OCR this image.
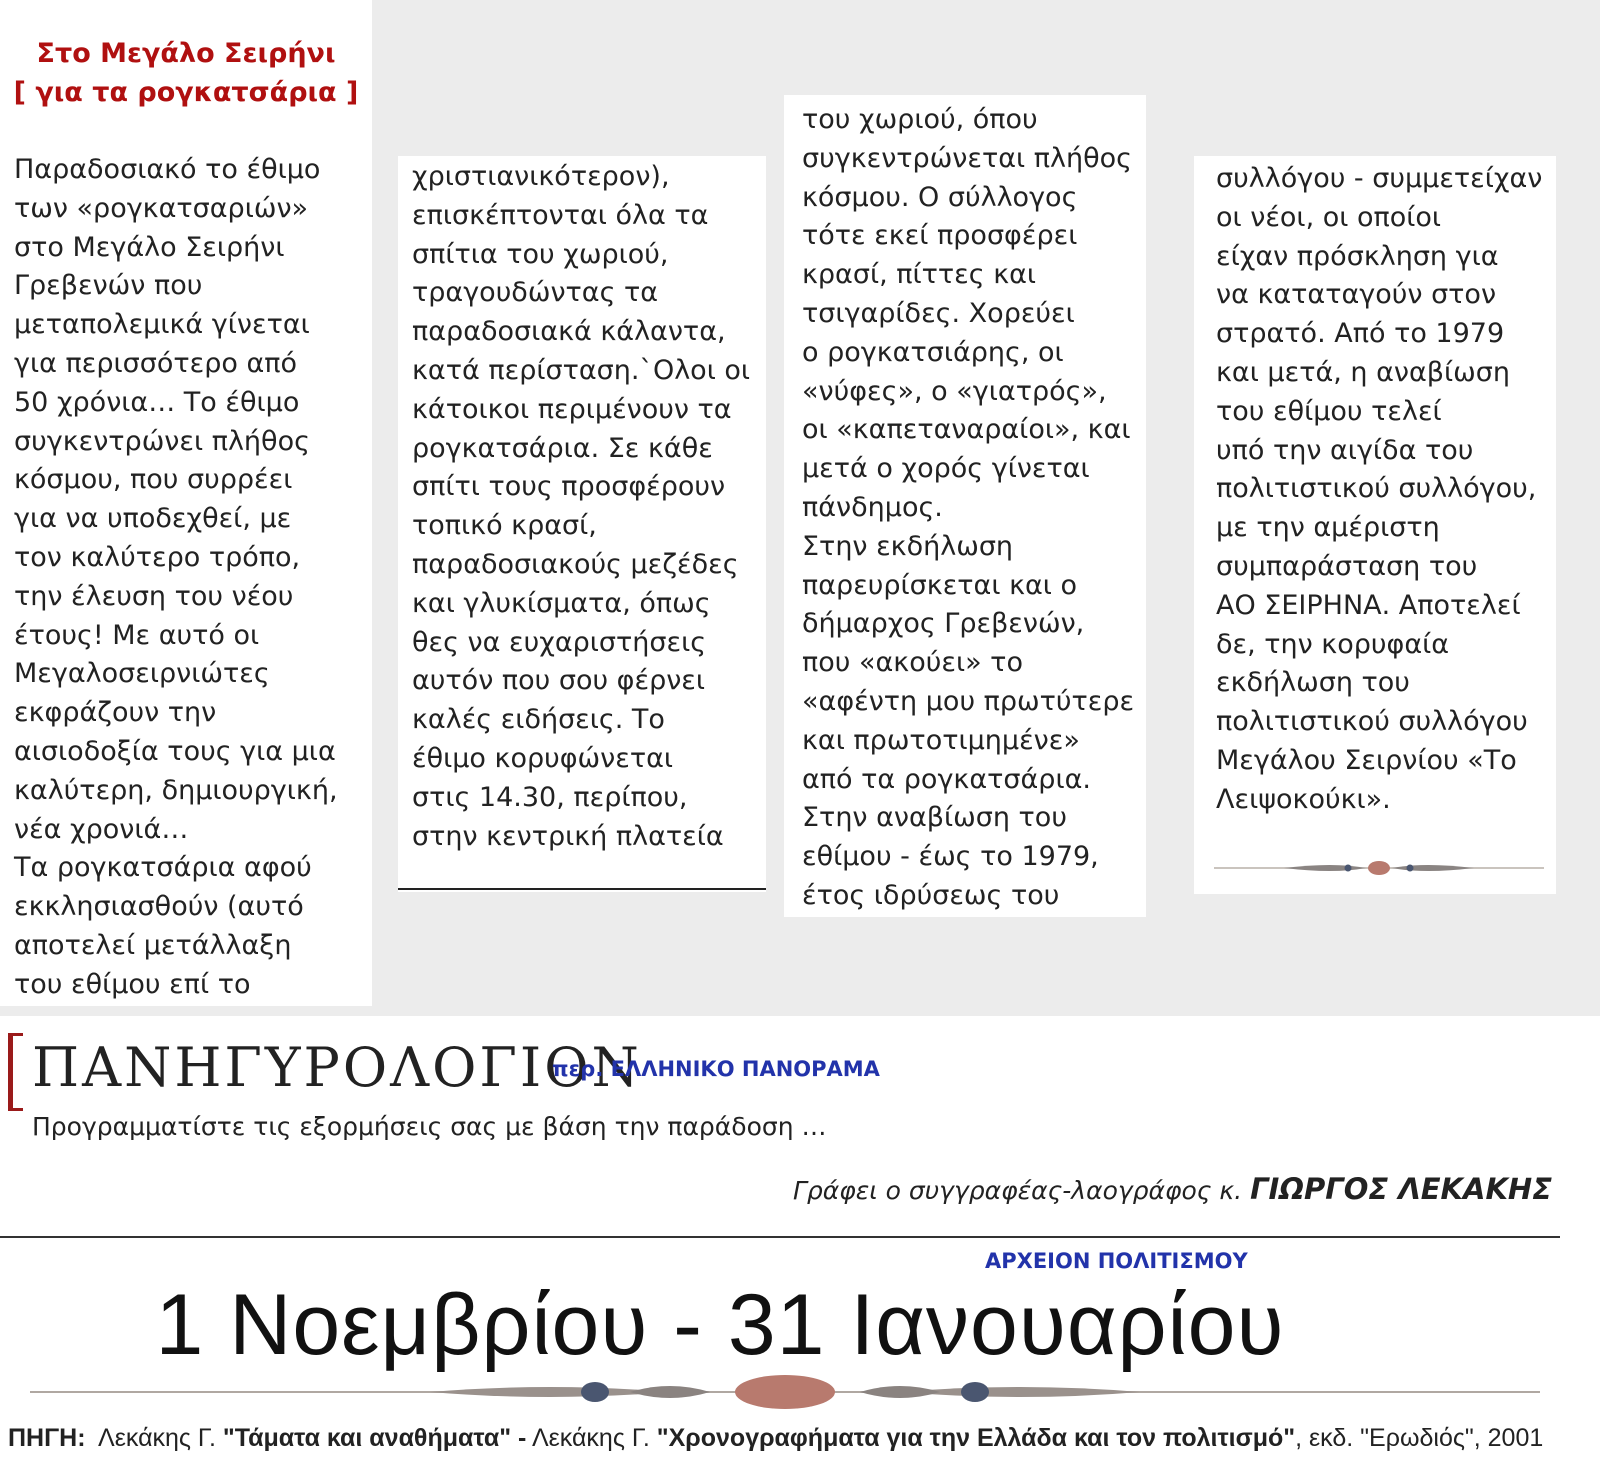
Στο Μεγάλο Σειρήνι
[ για τα ρογκατσάρια ]
Παραδοσιακό το έθιμο
των «ρογκατσαριών»
στο Μεγάλο Σειρήνι
Γρεβενών που
μεταπολεμικά γίνεται
για περισσότερο από
50 χρόνια… Το έθιμο
συγκεντρώνει πλήθος
κόσμου, που συρρέει
για να υποδεχθεί, με
τον καλύτερο τρόπο,
την έλευση του νέου
έτους! Με αυτό οι
Μεγαλοσειρνιώτες
εκφράζουν την
αισιοδοξία τους για μια
καλύτερη, δημιουργική,
νέα χρονιά…
Τα ρογκατσάρια αφού
εκκλησιασθούν (αυτό
αποτελεί μετάλλαξη
του εθίμου επί το
χριστιανικότερον),
επισκέπτονται όλα τα
σπίτια του χωριού,
τραγουδώντας τα
παραδοσιακά κάλαντα,
κατά περίσταση.`Ολοι οι
κάτοικοι περιμένουν τα
ρογκατσάρια. Σε κάθε
σπίτι τους προσφέρουν
τοπικό κρασί,
παραδοσιακούς μεζέδες
και γλυκίσματα, όπως
θες να ευχαριστήσεις
αυτόν που σου φέρνει
καλές ειδήσεις. Το
έθιμο κορυφώνεται
στις 14.30, περίπου,
στην κεντρική πλατεία
του χωριού, όπου
συγκεντρώνεται πλήθος
κόσμου. Ο σύλλογος
τότε εκεί προσφέρει
κρασί, πίττες και
τσιγαρίδες. Χορεύει
ο ρογκατσιάρης, οι
«νύφες», ο «γιατρός»,
οι «καπεταναραίοι», και
μετά ο χορός γίνεται
πάνδημος.
Στην εκδήλωση
παρευρίσκεται και ο
δήμαρχος Γρεβενών,
που «ακούει» το
«αφέντη μου πρωτύτερε
και πρωτοτιμημένε»
από τα ρογκατσάρια.
Στην αναβίωση του
εθίμου - έως το 1979,
έτος ιδρύσεως του
συλλόγου - συμμετείχαν
οι νέοι, οι οποίοι
είχαν πρόσκληση για
να καταταγούν στον
στρατό. Από το 1979
και μετά, η αναβίωση
του εθίμου τελεί
υπό την αιγίδα του
πολιτιστικού συλλόγου,
με την αμέριστη
συμπαράσταση του
ΑΟ ΣΕΙΡΗΝΑ. Αποτελεί
δε, την κορυφαία
εκδήλωση του
πολιτιστικού συλλόγου
Μεγάλου Σειρνίου «Το
Λειψοκούκι».
ΠΑΝΗΓΥΡΟΛΟΓΙΟΝ
περ. ΕΛΛΗΝΙΚΟ ΠΑΝΟΡΑΜΑ
Προγραμματίστε τις εξορμήσεις σας με βάση την παράδοση …
Γράφει ο συγγραφέας-λαογράφος κ. ΓΙΩΡΓΟΣ ΛΕΚΑΚΗΣ
ΑΡΧΕΙΟΝ ΠΟΛΙΤΙΣΜΟΥ
1 Νοεμβρίου - 31 Ιανουαρίου
ΠΗΓΗ: Λεκάκης Γ. "Τάματα και αναθήματα" - Λεκάκης Γ. "Χρονογραφήματα για την Ελλάδα και τον πολιτισμό", εκδ. "Ερωδιός", 2001
